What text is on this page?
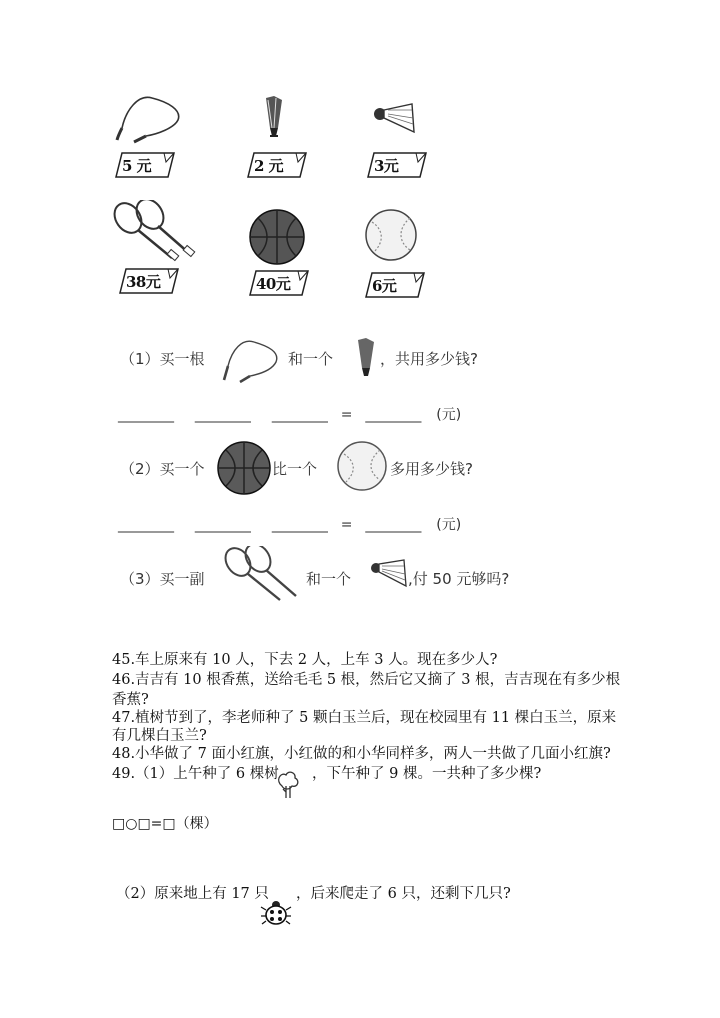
5 元	2 元	3元
38元	40元	6元
（1）买一根	和一个	，共用多少钱?
________ ________ ________ = ________ (元)
（2）买一个	比一个	多用多少钱?
________ ________ ________ = ________ (元)
（3）买一副	和一个	,付 50 元够吗?
45.车上原来有 10 人，下去 2 人，上车 3 人。现在多少人?
46.吉吉有 10 根香蕉，送给毛毛 5 根，然后它又摘了 3 根，吉吉现在有多少根
香蕉?
47.植树节到了，李老师种了 5 颗白玉兰后，现在校园里有 11 棵白玉兰，原来
有几棵白玉兰?
48.小华做了 7 面小红旗，小红做的和小华同样多，两人一共做了几面小红旗?
49.（1）上午种了 6 棵树 ，下午种了 9 棵。一共种了多少棵?
□○□=□（棵）
（2）原来地上有 17 只 ，后来爬走了 6 只，还剩下几只?
